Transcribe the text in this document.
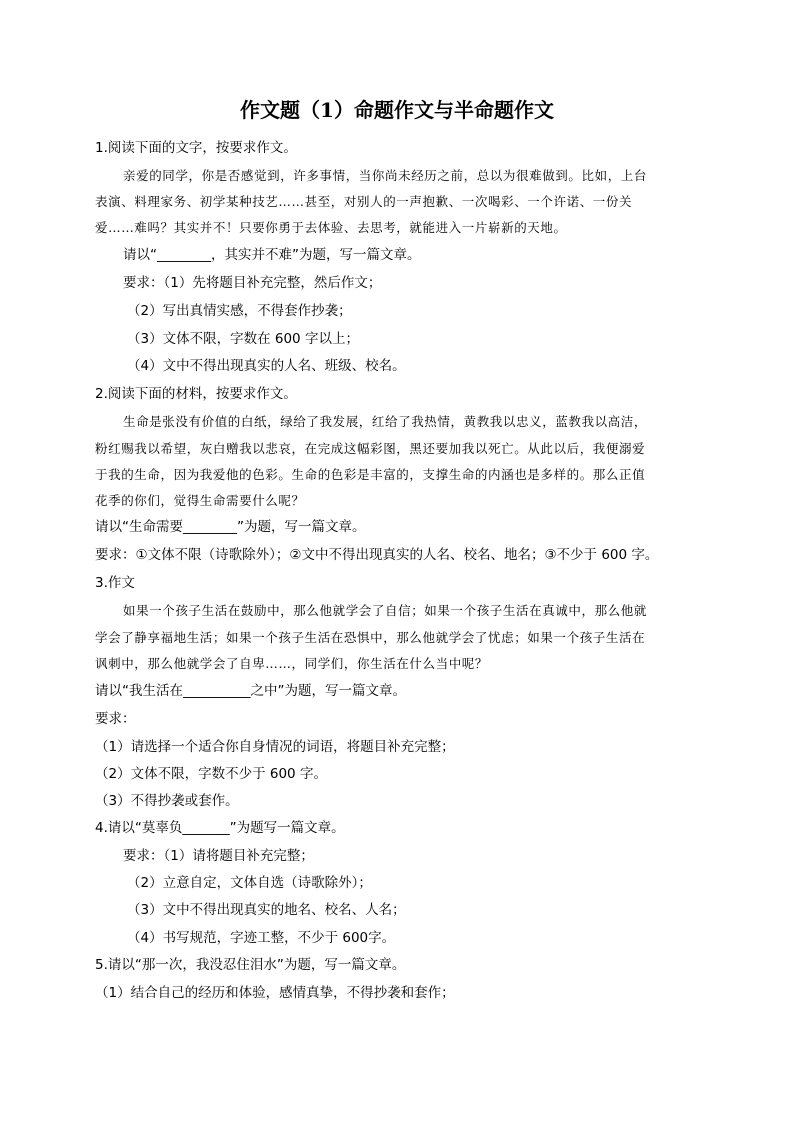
作文题（1）命题作文与半命题作文
1.阅读下面的文字，按要求作文。
亲爱的同学，你是否感觉到，许多事情，当你尚未经历之前，总以为很难做到。比如，上台
表演、料理家务、初学某种技艺……甚至，对别人的一声抱歉、一次喝彩、一个许诺、一份关
爱……难吗？其实并不！只要你勇于去体验、去思考，就能进入一片崭新的天地。
请以“________，其实并不难”为题，写一篇文章。
要求：（1）先将题目补充完整，然后作文；
（2）写出真情实感，不得套作抄袭；
（3）文体不限，字数在 600 字以上；
（4）文中不得出现真实的人名、班级、校名。
2.阅读下面的材料，按要求作文。
生命是张没有价值的白纸，绿给了我发展，红给了我热情，黄教我以忠义，蓝教我以高洁，
粉红赐我以希望，灰白赠我以悲哀，在完成这幅彩图，黑还要加我以死亡。从此以后，我便溺爱
于我的生命，因为我爱他的色彩。生命的色彩是丰富的，支撑生命的内涵也是多样的。那么正值
花季的你们，觉得生命需要什么呢？
请以“生命需要________”为题，写一篇文章。
要求：①文体不限（诗歌除外）；②文中不得出现真实的人名、校名、地名；③不少于 600 字。
3.作文
如果一个孩子生活在鼓励中，那么他就学会了自信；如果一个孩子生活在真诚中，那么他就
学会了静享福地生活；如果一个孩子生活在恐惧中，那么他就学会了忧虑；如果一个孩子生活在
讽刺中，那么他就学会了自卑……，同学们，你生活在什么当中呢？
请以“我生活在__________之中”为题，写一篇文章。
要求：
（1）请选择一个适合你自身情况的词语，将题目补充完整；
（2）文体不限，字数不少于 600 字。
（3）不得抄袭或套作。
4.请以“莫辜负_______”为题写一篇文章。
要求：（1）请将题目补充完整；
（2）立意自定，文体自选（诗歌除外）；
（3）文中不得出现真实的地名、校名、人名；
（4）书写规范，字迹工整，不少于 600字。
5.请以“那一次，我没忍住泪水”为题，写一篇文章。
（1）结合自己的经历和体验，感情真挚，不得抄袭和套作；
